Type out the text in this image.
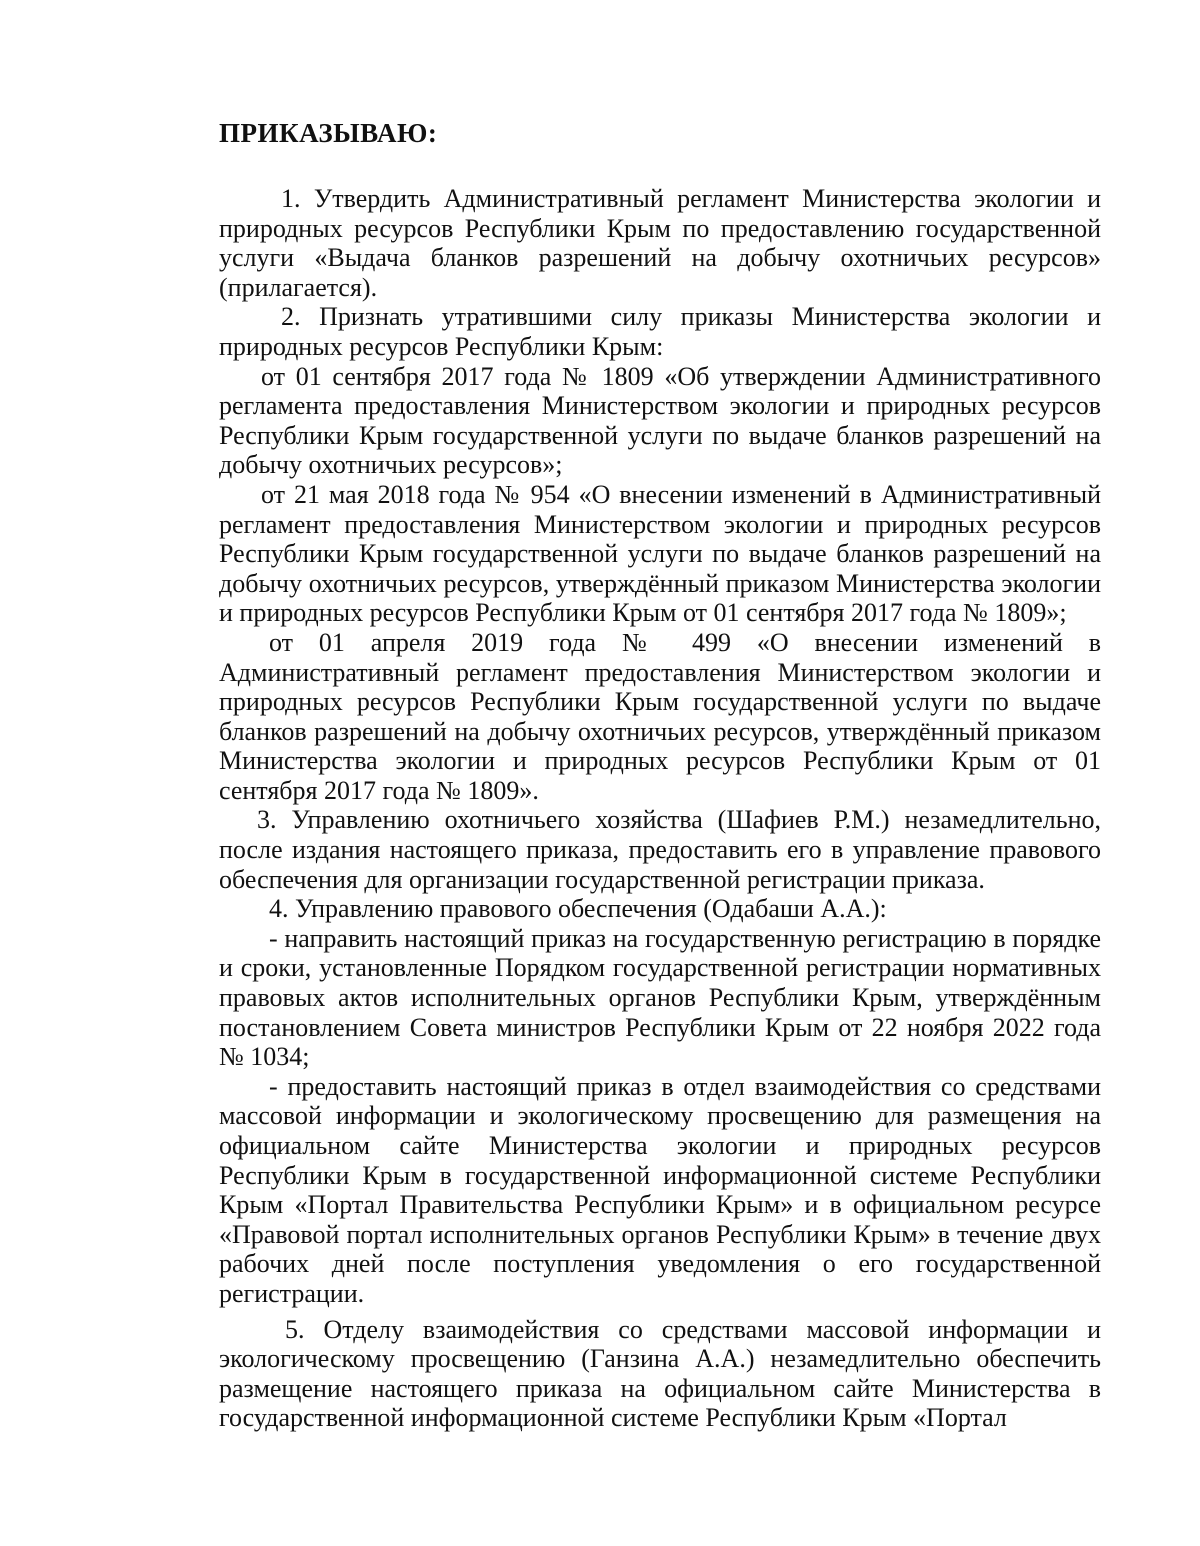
ПРИКАЗЫВАЮ:

1. Утвердить Административный регламент Министерства экологии и природных ресурсов Республики Крым по предоставлению государственной услуги «Выдача бланков разрешений на добычу охотничьих ресурсов» (прилагается).

2. Признать утратившими силу приказы Министерства экологии и природных ресурсов Республики Крым:

от 01 сентября 2017 года № 1809 «Об утверждении Административного регламента предоставления Министерством экологии и природных ресурсов Республики Крым государственной услуги по выдаче бланков разрешений на добычу охотничьих ресурсов»;

от 21 мая 2018 года № 954 «О внесении изменений в Административный регламент предоставления Министерством экологии и природных ресурсов Республики Крым государственной услуги по выдаче бланков разрешений на добычу охотничьих ресурсов, утверждённый приказом Министерства экологии и природных ресурсов Республики Крым от 01 сентября 2017 года № 1809»;

от 01 апреля 2019 года № 499 «О внесении изменений в Административный регламент предоставления Министерством экологии и природных ресурсов Республики Крым государственной услуги по выдаче бланков разрешений на добычу охотничьих ресурсов, утверждённый приказом Министерства экологии и природных ресурсов Республики Крым от 01 сентября 2017 года № 1809».

3. Управлению охотничьего хозяйства (Шафиев Р.М.) незамедлительно, после издания настоящего приказа, предоставить его в управление правового обеспечения для организации государственной регистрации приказа.

4. Управлению правового обеспечения (Одабаши А.А.):

- направить настоящий приказ на государственную регистрацию в порядке и сроки, установленные Порядком государственной регистрации нормативных правовых актов исполнительных органов Республики Крым, утверждённым постановлением Совета министров Республики Крым от 22 ноября 2022 года № 1034;

- предоставить настоящий приказ в отдел взаимодействия со средствами массовой информации и экологическому просвещению для размещения на официальном сайте Министерства экологии и природных ресурсов Республики Крым в государственной информационной системе Республики Крым «Портал Правительства Республики Крым» и в официальном ресурсе «Правовой портал исполнительных органов Республики Крым» в течение двух рабочих дней после поступления уведомления о его государственной регистрации.

5. Отделу взаимодействия со средствами массовой информации и экологическому просвещению (Ганзина А.А.) незамедлительно обеспечить размещение настоящего приказа на официальном сайте Министерства в государственной информационной системе Республики Крым «Портал
